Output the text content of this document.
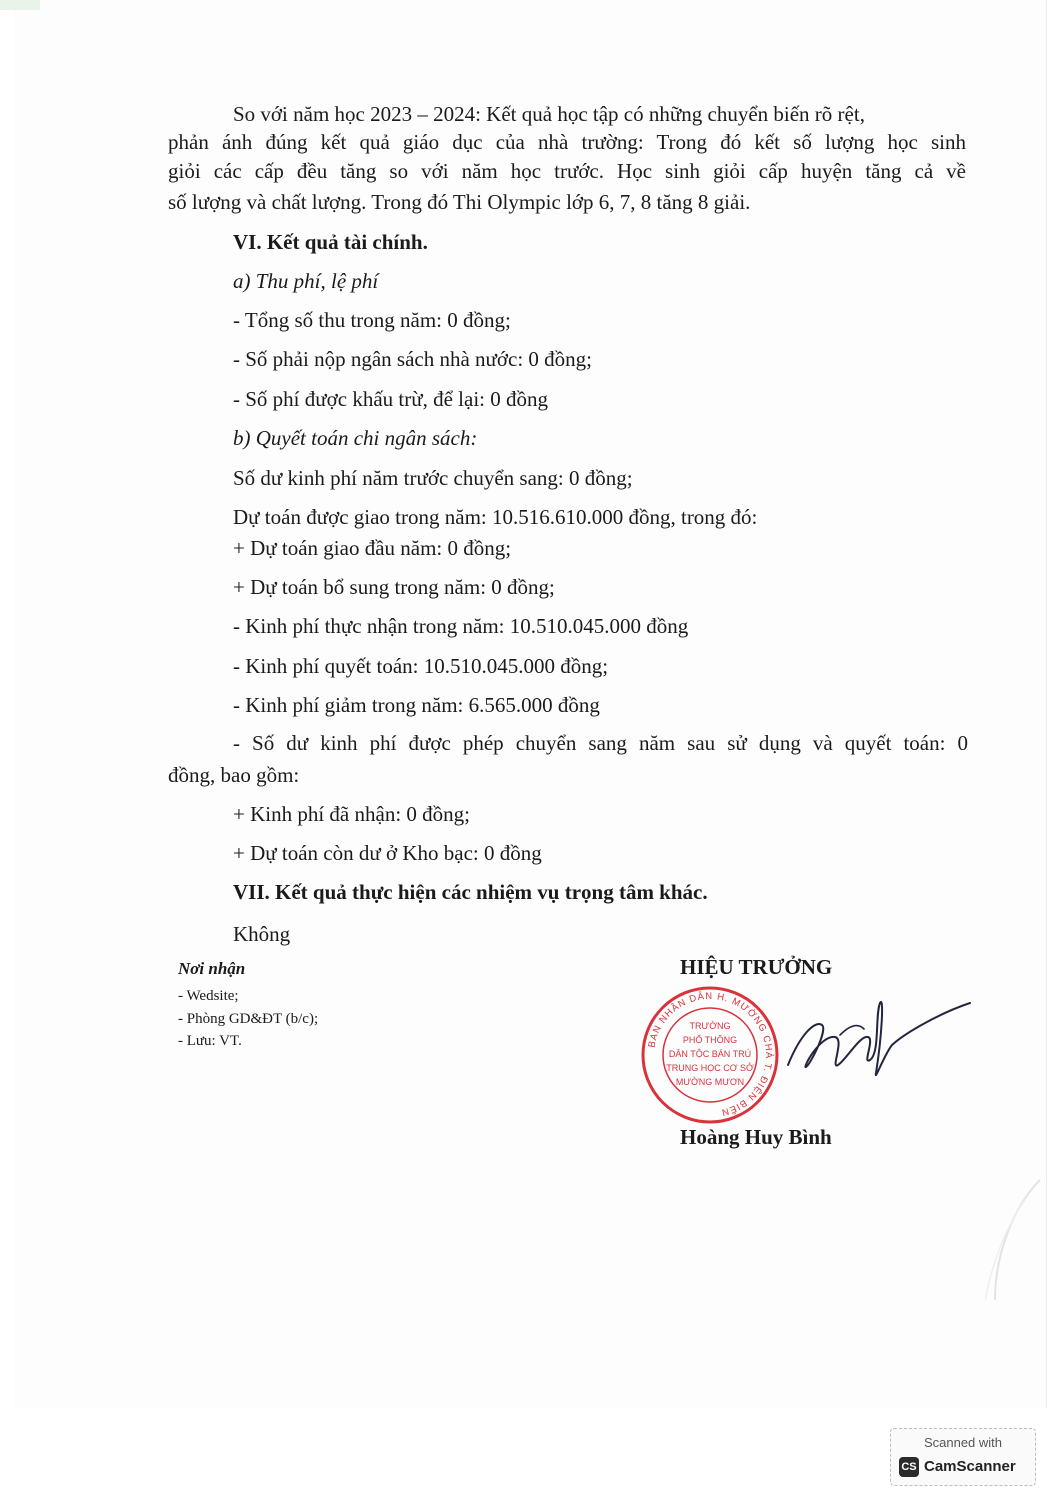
So với năm học 2023 – 2024: Kết quả học tập có những chuyển biến rõ rệt,
phản ánh đúng kết quả giáo dục của nhà trường: Trong đó kết số lượng học sinh
giỏi các cấp đều tăng so với năm học trước. Học sinh giỏi cấp huyện tăng cả về
số lượng và chất lượng. Trong đó Thi Olympic lớp 6, 7, 8 tăng 8 giải.
VI. Kết quả tài chính.
a) Thu phí, lệ phí
- Tổng số thu trong năm: 0 đồng;
- Số phải nộp ngân sách nhà nước: 0 đồng;
- Số phí được khấu trừ, để lại: 0 đồng
b) Quyết toán chi ngân sách:
Số dư kinh phí năm trước chuyển sang: 0 đồng;
Dự toán được giao trong năm: 10.516.610.000 đồng, trong đó:
+ Dự toán giao đầu năm: 0 đồng;
+ Dự toán bổ sung trong năm: 0 đồng;
- Kinh phí thực nhận trong năm: 10.510.045.000 đồng
- Kinh phí quyết toán: 10.510.045.000 đồng;
- Kinh phí giảm trong năm: 6.565.000 đồng
- Số dư kinh phí được phép chuyển sang năm sau sử dụng và quyết toán: 0
đồng, bao gồm:
+ Kinh phí đã nhận: 0 đồng;
+ Dự toán còn dư ở Kho bạc: 0 đồng
VII. Kết quả thực hiện các nhiệm vụ trọng tâm khác.
Không
Nơi nhận
- Wedsite;
- Phòng GD&ĐT (b/c);
- Lưu: VT.
HIỆU TRƯỞNG
BAN NHÂN DÂN H. MƯỜNG CHÀ T. ĐIỆN BIÊN
TRƯỜNG
PHỔ THÔNG
DÂN TỘC BÁN TRÚ
TRUNG HỌC CƠ SỞ
MƯỜNG MƯƠN
Hoàng Huy Bình
Scanned with
CS CamScanner
